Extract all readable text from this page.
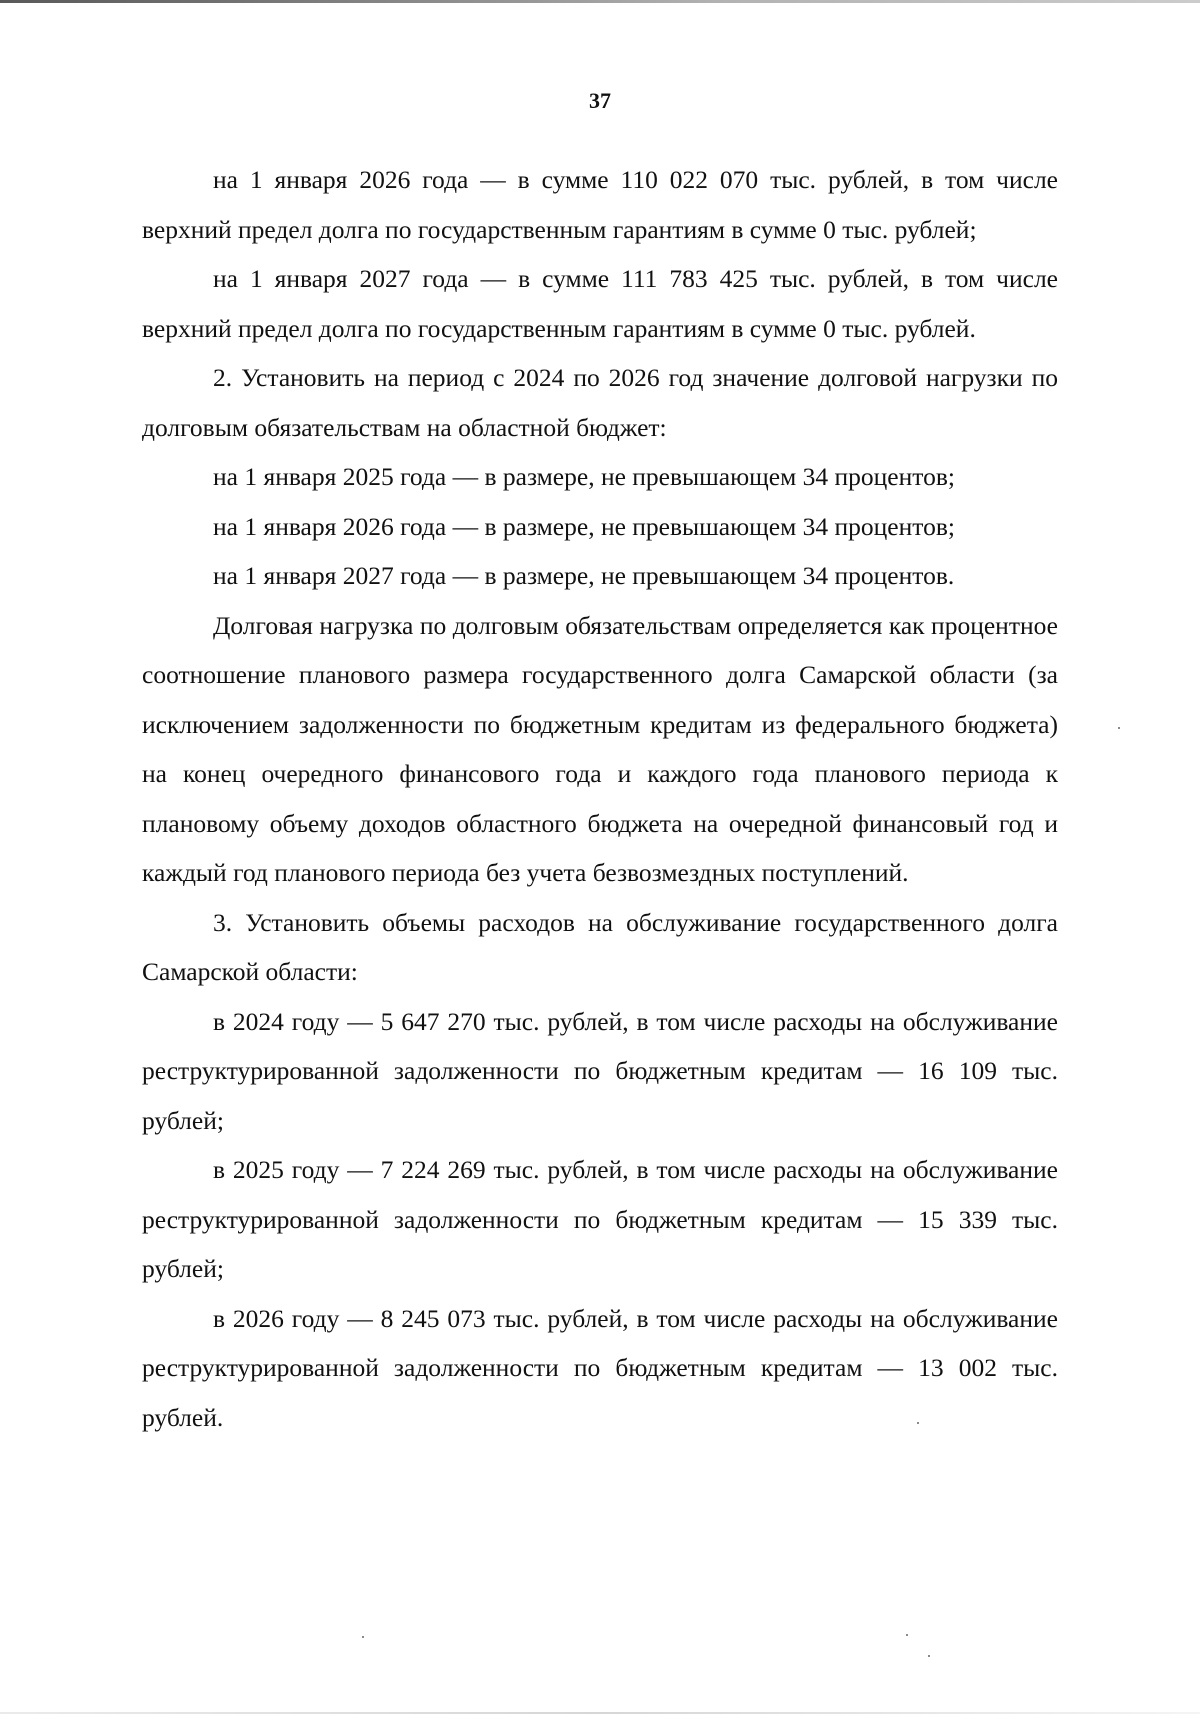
37

на 1 января 2026 года — в сумме 110 022 070 тыс. рублей, в том числе верхний предел долга по государственным гарантиям в сумме 0 тыс. рублей;

на 1 января 2027 года — в сумме 111 783 425 тыс. рублей, в том числе верхний предел долга по государственным гарантиям в сумме 0 тыс. рублей.

2. Установить на период с 2024 по 2026 год значение долговой нагрузки по долговым обязательствам на областной бюджет:

на 1 января 2025 года — в размере, не превышающем 34 процентов;

на 1 января 2026 года — в размере, не превышающем 34 процентов;

на 1 января 2027 года — в размере, не превышающем 34 процентов.

Долговая нагрузка по долговым обязательствам определяется как процентное соотношение планового размера государственного долга Самарской области (за исключением задолженности по бюджетным кредитам из федерального бюджета) на конец очередного финансового года и каждого года планового периода к плановому объему доходов областного бюджета на очередной финансовый год и каждый год планового периода без учета безвозмездных поступлений.

3. Установить объемы расходов на обслуживание государственного долга Самарской области:

в 2024 году — 5 647 270 тыс. рублей, в том числе расходы на обслуживание реструктурированной задолженности по бюджетным кредитам — 16 109 тыс. рублей;

в 2025 году — 7 224 269 тыс. рублей, в том числе расходы на обслуживание реструктурированной задолженности по бюджетным кредитам — 15 339 тыс. рублей;

в 2026 году — 8 245 073 тыс. рублей, в том числе расходы на обслуживание реструктурированной задолженности по бюджетным кредитам — 13 002 тыс. рублей.
